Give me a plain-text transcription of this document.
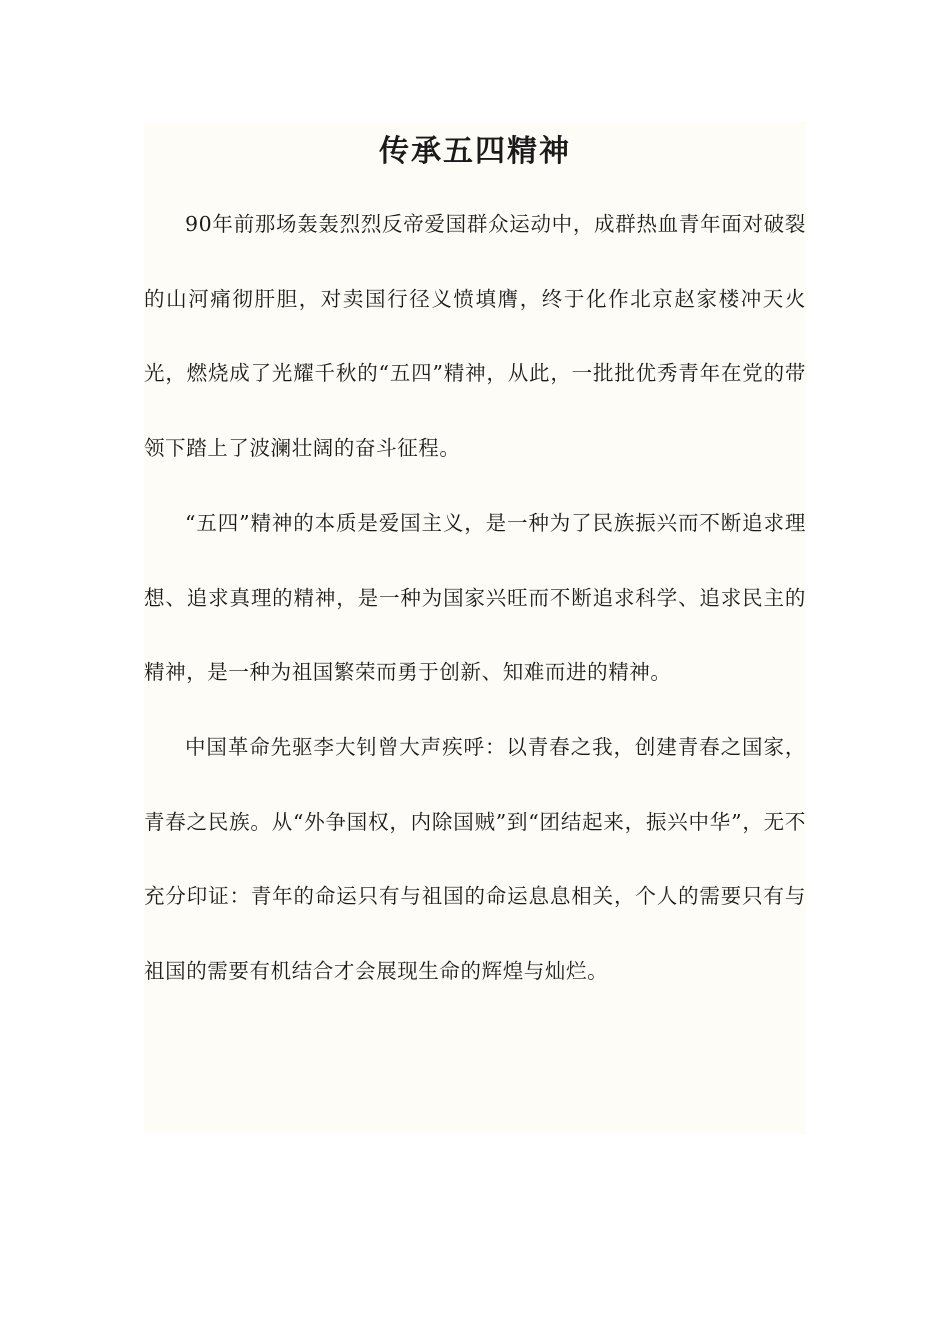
传承五四精神

90年前那场轰轰烈烈反帝爱国群众运动中，成群热血青年面对破裂的山河痛彻肝胆，对卖国行径义愤填膺，终于化作北京赵家楼冲天火光，燃烧成了光耀千秋的“五四”精神，从此，一批批优秀青年在党的带领下踏上了波澜壮阔的奋斗征程。

“五四”精神的本质是爱国主义，是一种为了民族振兴而不断追求理想、追求真理的精神，是一种为国家兴旺而不断追求科学、追求民主的精神，是一种为祖国繁荣而勇于创新、知难而进的精神。

中国革命先驱李大钊曾大声疾呼：以青春之我，创建青春之国家，青春之民族。从“外争国权，内除国贼”到“团结起来，振兴中华”，无不充分印证：青年的命运只有与祖国的命运息息相关，个人的需要只有与祖国的需要有机结合才会展现生命的辉煌与灿烂。
